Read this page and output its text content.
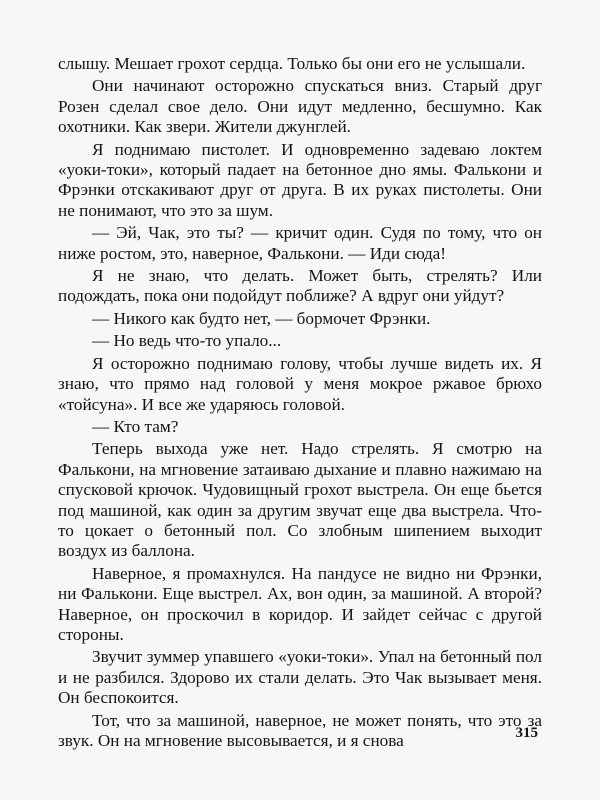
слышу. Мешает грохот сердца. Только бы они его не услышали.

Они начинают осторожно спускаться вниз. Старый друг Розен сделал свое дело. Они идут медленно, бесшумно. Как охотники. Как звери. Жители джунглей.

Я поднимаю пистолет. И одновременно задеваю локтем «уоки-токи», который падает на бетонное дно ямы. Фалькони и Фрэнки отскакивают друг от друга. В их руках пистолеты. Они не понимают, что это за шум.

— Эй, Чак, это ты? — кричит один. Судя по тому, что он ниже ростом, это, наверное, Фалькони. — Иди сюда!

Я не знаю, что делать. Может быть, стрелять? Или подождать, пока они подойдут поближе? А вдруг они уйдут?

— Никого как будто нет, — бормочет Фрэнки.

— Но ведь что-то упало...

Я осторожно поднимаю голову, чтобы лучше видеть их. Я знаю, что прямо над головой у меня мокрое ржавое брюхо «тойсуна». И все же ударяюсь головой.

— Кто там?

Теперь выхода уже нет. Надо стрелять. Я смотрю на Фалькони, на мгновение затаиваю дыхание и плавно нажимаю на спусковой крючок. Чудовищный грохот выстрела. Он еще бьется под машиной, как один за другим звучат еще два выстрела. Что-то цокает о бетонный пол. Со злобным шипением выходит воздух из баллона.

Наверное, я промахнулся. На пандусе не видно ни Фрэнки, ни Фалькони. Еще выстрел. Ах, вон один, за машиной. А второй? Наверное, он проскочил в коридор. И зайдет сейчас с другой стороны.

Звучит зуммер упавшего «уоки-токи». Упал на бетонный пол и не разбился. Здорово их стали делать. Это Чак вызывает меня. Он беспокоится.

Тот, что за машиной, наверное, не может понять, что это за звук. Он на мгновение высовывается, и я снова	315
